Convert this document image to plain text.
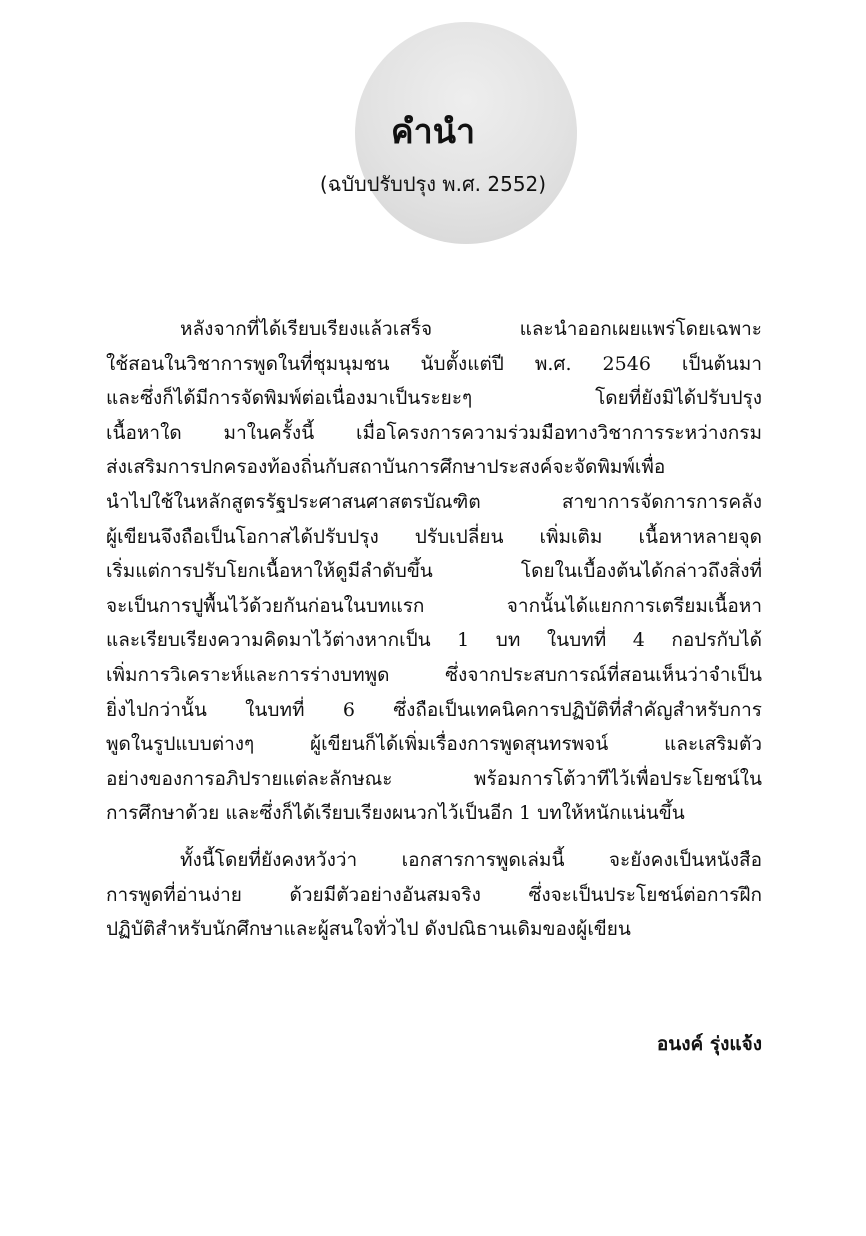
คำนำ
(ฉบับปรับปรุง พ.ศ. 2552)
หลังจากที่ได้เรียบเรียงแล้วเสร็จ และนำออกเผยแพร่โดยเฉพาะ
ใช้สอนในวิชาการพูดในที่ชุมนุมชน นับตั้งแต่ปี พ.ศ. 2546 เป็นต้นมา
และซึ่งก็ได้มีการจัดพิมพ์ต่อเนื่องมาเป็นระยะๆ โดยที่ยังมิได้ปรับปรุง
เนื้อหาใด มาในครั้งนี้ เมื่อโครงการความร่วมมือทางวิชาการระหว่างกรม
ส่งเสริมการปกครองท้องถิ่นกับสถาบันการศึกษาประสงค์จะจัดพิมพ์เพื่อ
นำไปใช้ในหลักสูตรรัฐประศาสนศาสตรบัณฑิต สาขาการจัดการการคลัง
ผู้เขียนจึงถือเป็นโอกาสได้ปรับปรุง ปรับเปลี่ยน เพิ่มเติม เนื้อหาหลายจุด
เริ่มแต่การปรับโยกเนื้อหาให้ดูมีลำดับขึ้น โดยในเบื้องต้นได้กล่าวถึงสิ่งที่
จะเป็นการปูพื้นไว้ด้วยกันก่อนในบทแรก จากนั้นได้แยกการเตรียมเนื้อหา
และเรียบเรียงความคิดมาไว้ต่างหากเป็น 1 บท ในบทที่ 4 กอปรกับได้
เพิ่มการวิเคราะห์และการร่างบทพูด ซึ่งจากประสบการณ์ที่สอนเห็นว่าจำเป็น
ยิ่งไปกว่านั้น ในบทที่ 6 ซึ่งถือเป็นเทคนิคการปฏิบัติที่สำคัญสำหรับการ
พูดในรูปแบบต่างๆ ผู้เขียนก็ได้เพิ่มเรื่องการพูดสุนทรพจน์ และเสริมตัว
อย่างของการอภิปรายแต่ละลักษณะ พร้อมการโต้วาทีไว้เพื่อประโยชน์ใน
การศึกษาด้วย และซึ่งก็ได้เรียบเรียงผนวกไว้เป็นอีก 1 บทให้หนักแน่นขึ้น
ทั้งนี้โดยที่ยังคงหวังว่า เอกสารการพูดเล่มนี้ จะยังคงเป็นหนังสือ
การพูดที่อ่านง่าย ด้วยมีตัวอย่างอันสมจริง ซึ่งจะเป็นประโยชน์ต่อการฝึก
ปฏิบัติสำหรับนักศึกษาและผู้สนใจทั่วไป ดังปณิธานเดิมของผู้เขียน
อนงค์ รุ่งแจ้ง
